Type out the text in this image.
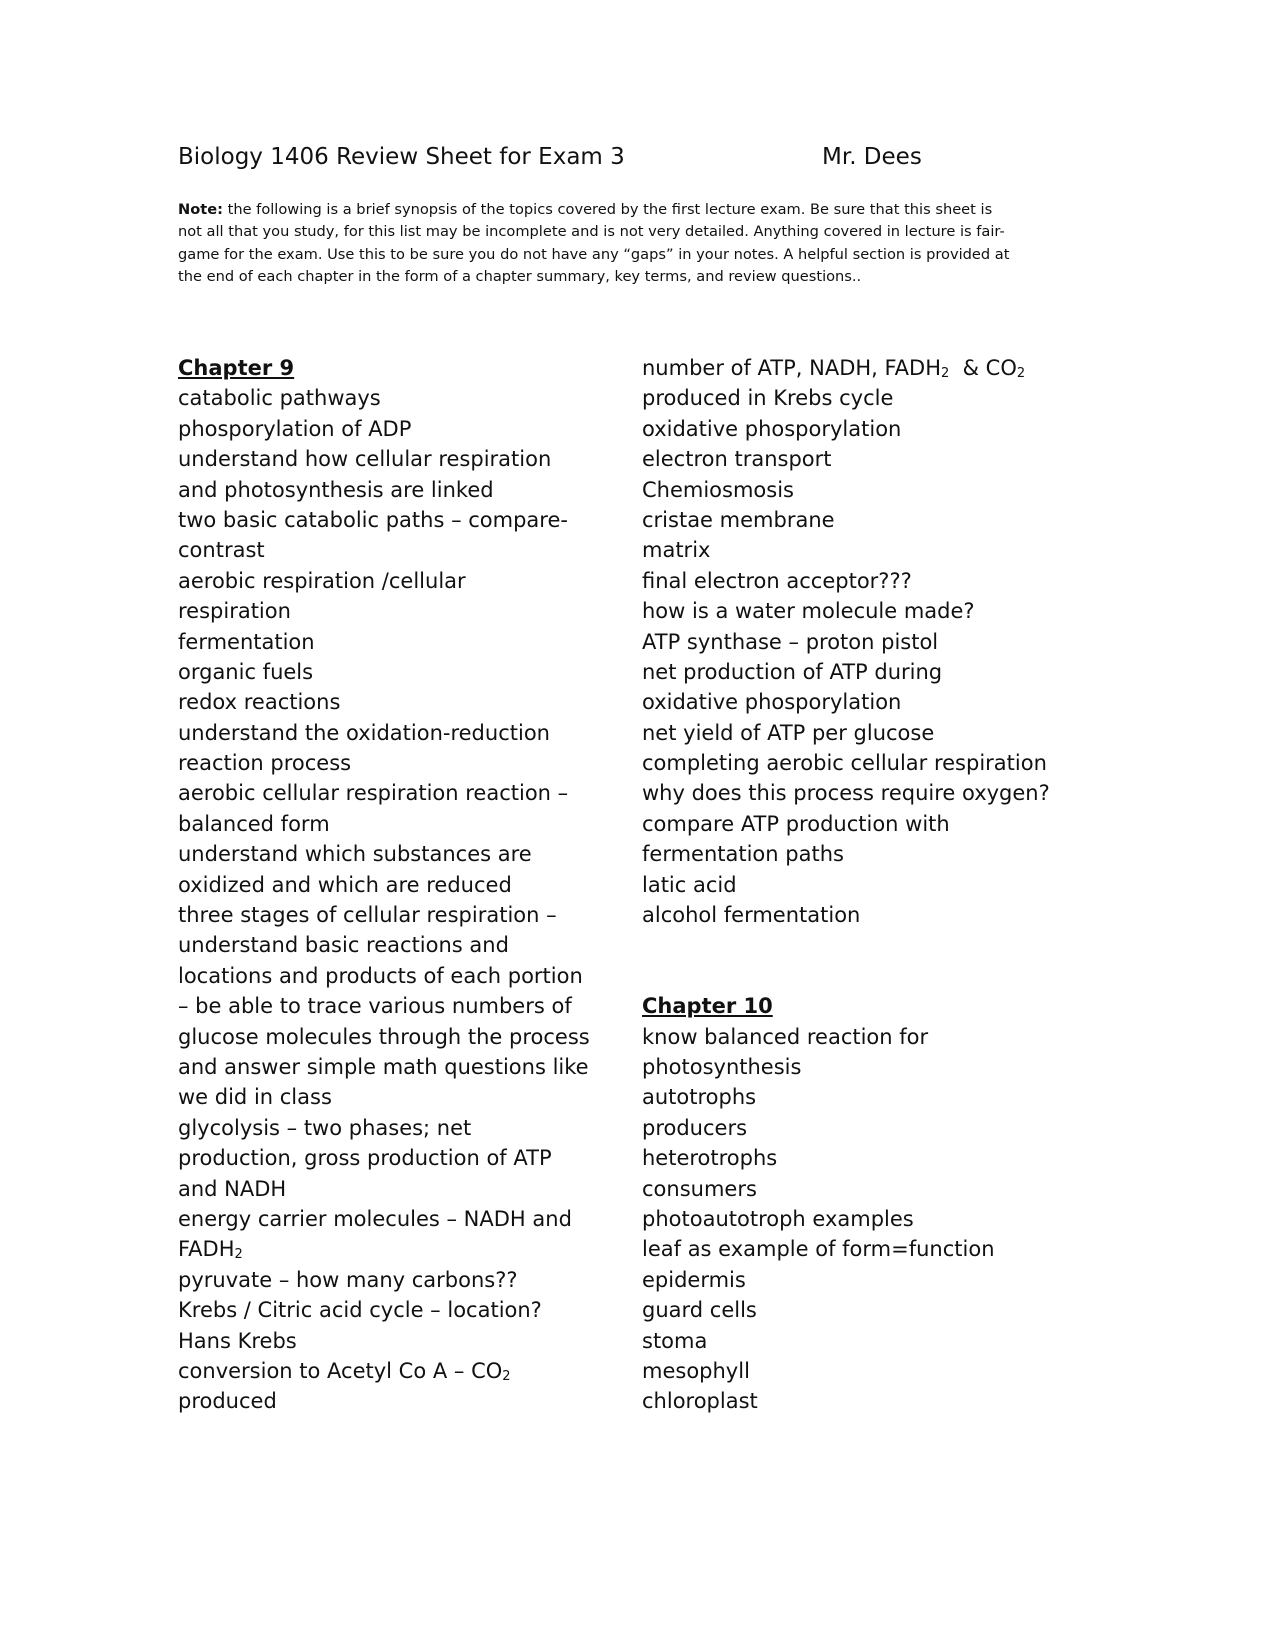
Biology 1406 Review Sheet for Exam 3	Mr. Dees

Note: the following is a brief synopsis of the topics covered by the first lecture exam. Be sure that this sheet is

not all that you study, for this list may be incomplete and is not very detailed. Anything covered in lecture is fair-

game for the exam. Use this to be sure you do not have any “gaps” in your notes. A helpful section is provided at

the end of each chapter in the form of a chapter summary, key terms, and review questions..

Chapter 9
catabolic pathways
phosporylation of ADP
understand how cellular respiration
and photosynthesis are linked
two basic catabolic paths – compare-
contrast
aerobic respiration /cellular
respiration
fermentation
organic fuels
redox reactions
understand the oxidation-reduction
reaction process
aerobic cellular respiration reaction –
balanced form
understand which substances are
oxidized and which are reduced
three stages of cellular respiration –
understand basic reactions and
locations and products of each portion
– be able to trace various numbers of
glucose molecules through the process
and answer simple math questions like
we did in class
glycolysis – two phases; net
production, gross production of ATP
and NADH
energy carrier molecules – NADH and
$FADH_2$
pyruvate – how many carbons??
Krebs / Citric acid cycle – location?
Hans Krebs
conversion to Acetyl Co A – $CO_2$
produced
number of ATP, NADH, $FADH_2$  & $CO_2$
produced in Krebs cycle
oxidative phosporylation
electron transport
Chemiosmosis
cristae membrane
matrix
final electron acceptor???
how is a water molecule made?
ATP synthase – proton pistol
net production of ATP during
oxidative phosporylation
net yield of ATP per glucose
completing aerobic cellular respiration
why does this process require oxygen?
compare ATP production with
fermentation paths
latic acid
alcohol fermentation
Chapter 10
know balanced reaction for
photosynthesis
autotrophs
producers
heterotrophs
consumers
photoautotroph examples
leaf as example of form=function
epidermis
guard cells
stoma
mesophyll
chloroplast
